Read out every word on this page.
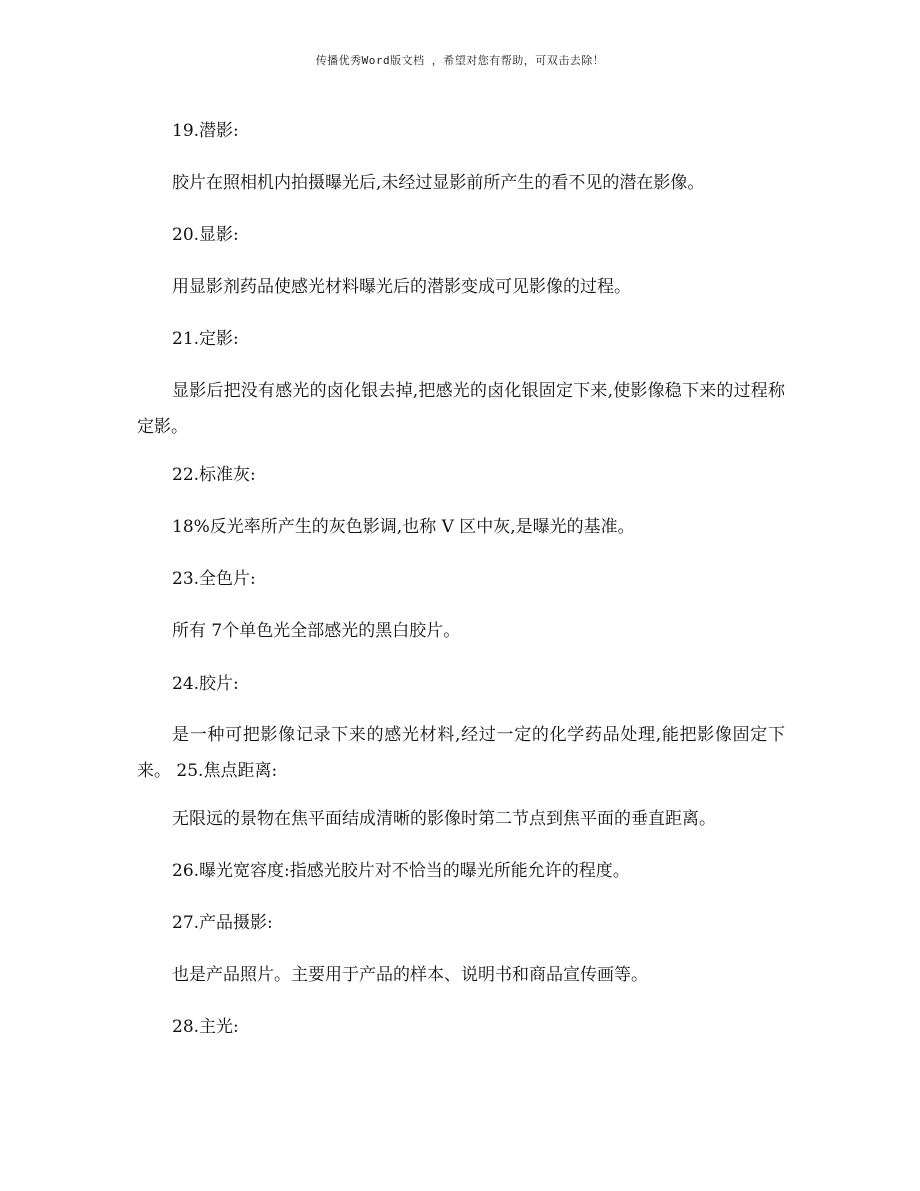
传播优秀Word版文档 ，希望对您有帮助，可双击去除！
19.潜影:
胶片在照相机内拍摄曝光后,未经过显影前所产生的看不见的潜在影像。
20.显影:
用显影剂药品使感光材料曝光后的潜影变成可见影像的过程。
21.定影:
显影后把没有感光的卤化银去掉,把感光的卤化银固定下来,使影像稳下来的过程称定影。
22.标准灰:
18%反光率所产生的灰色影调,也称 V 区中灰,是曝光的基准。
23.全色片:
所有 7个单色光全部感光的黑白胶片。
24.胶片:
是一种可把影像记录下来的感光材料,经过一定的化学药品处理,能把影像固定下来。 25.焦点距离:
无限远的景物在焦平面结成清晰的影像时第二节点到焦平面的垂直距离。
26.曝光宽容度:指感光胶片对不恰当的曝光所能允许的程度。
27.产品摄影:
也是产品照片。主要用于产品的样本、说明书和商品宣传画等。
28.主光:
